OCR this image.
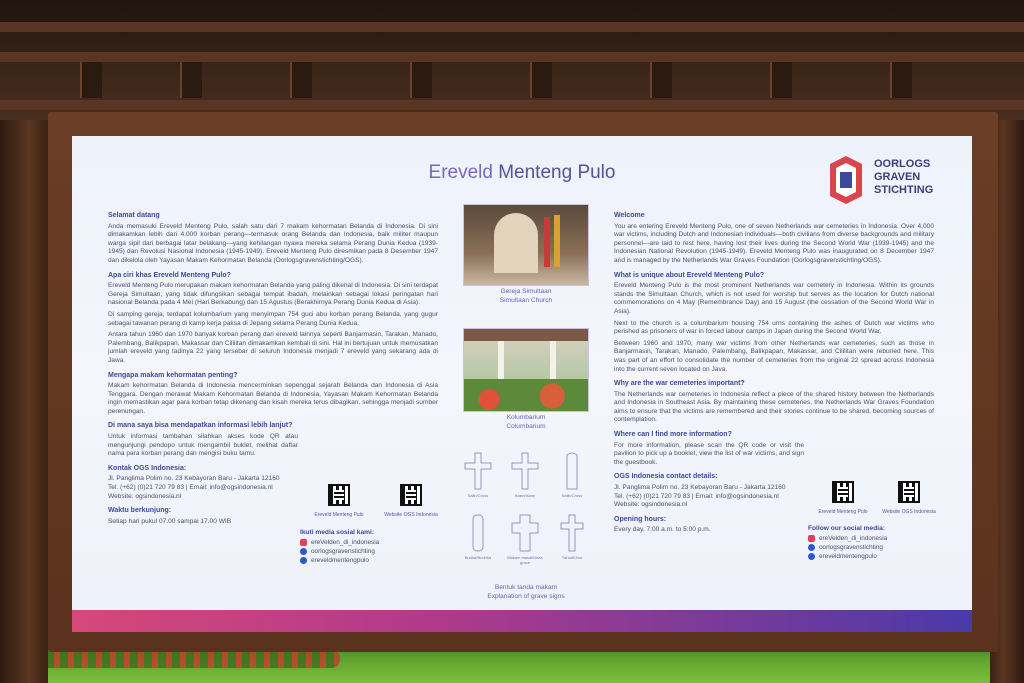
Ereveld Menteng Pulo	OORLOGS
GRAVEN
STICHTING
Selamat datang

Anda memasuki Ereveld Menteng Pulo, salah satu dari 7 makam kehormatan Belanda di Indonesia. Di sini dimakamkan lebih dari 4.000 korban perang—termasuk orang Belanda dan Indonesia, baik militer maupun warga sipil dari berbagai latar belakang—yang kehilangan nyawa mereka selama Perang Dunia Kedua (1939-1945) dan Revolusi Nasional Indonesia (1945-1949). Ereveld Menteng Pulo diresmikan pada 8 Desember 1947 dan dikelola oleh Yayasan Makam Kehormatan Belanda (Oorlogsgravenstichting/OGS).

Apa ciri khas Ereveld Menteng Pulo?

Ereveld Menteng Pulo merupakan makam kehormatan Belanda yang paling dikenal di Indonesia. Di sini terdapat Gereja Simultaan, yang tidak difungsikan sebagai tempat ibadah, melainkan sebagai lokasi peringatan hari nasional Belanda pada 4 Mei (Hari Berkabung) dan 15 Agustus (Berakhirnya Perang Dunia Kedua di Asia).

Di samping gereja, terdapat kolumbarium yang menyimpan 754 guci abu korban perang Belanda, yang gugur sebagai tawanan perang di kamp kerja paksa di Jepang selama Perang Dunia Kedua.

Antara tahun 1960 dan 1970 banyak korban perang dari ereveld lainnya seperti Banjarmasin, Tarakan, Manado, Palembang, Balikpapan, Makassar dan Cililitan dimakamkan kembali di sini. Hal ini bertujuan untuk memusatkan jumlah ereveld yang tadinya 22 yang tersebar di seluruh Indonesia menjadi 7 ereveld yang sekarang ada di Jawa.

Mengapa makam kehormatan penting?

Makam kehormatan Belanda di Indonesia mencerminkan sepenggal sejarah Belanda dan Indonesia di Asia Tenggara. Dengan merawat Makam Kehormatan Belanda di Indonesia, Yayasan Makam Kehormatan Belanda ingin memastikan agar para korban tetap dikenang dan kisah mereka terus dibagikan, sehingga menjadi sumber perenungan.

Di mana saya bisa mendapatkan informasi lebih lanjut?

Untuk informasi tambahan silahkan akses kode QR atau mengunjungi pendopo untuk mengambil buklet, melihat daftar nama para korban perang dan mengisi buku tamu.

Kontak OGS Indonesia:

Jl. Panglima Polim no. 23 Kebayoran Baru - Jakarta 12160

Tel. (+62) (0)21 720 79 83 | Email: info@ogsindonesia.nl

Website: ogsindonesia.nl

Waktu berkunjung:

Setiap hari pukul 07.00 sampai 17.00 WIB

Ereveld Menteng Pulo	Website OGS Indonesia
Ikuti media sosial kami:
ereVelden_di_indonesia
oorlogsgravenstichting
ereveldmentengpulo
Gereja Simultaan
Simultaan Church
Kolumbarium
Columbarium
Salib/Cross	Islam/Islam	Salib/Cross
Budha/Buddha	Makam masal/Mass grave
Yahudi/Jew
Bentuk tanda makam
Explanation of grave signs
Welcome

You are entering Ereveld Menteng Pulo, one of seven Netherlands war cemeteries in Indonesia. Over 4,000 war victims, including Dutch and Indonesian individuals—both civilians from diverse backgrounds and military personnel—are laid to rest here, having lost their lives during the Second World War (1939-1945) and the Indonesian National Revolution (1945-1949). Ereveld Menteng Pulo was inaugurated on 8 December 1947 and is managed by the Netherlands War Graves Foundation (Oorlogsgravenstichting/OGS).

What is unique about Ereveld Menteng Pulo?

Ereveld Menteng Pulo is the most prominent Netherlands war cemetery in Indonesia. Within its grounds stands the Simultaan Church, which is not used for worship but serves as the location for Dutch national commemorations on 4 May (Remembrance Day) and 15 August (the cessation of the Second World War in Asia).

Next to the church is a columbarium housing 754 urns containing the ashes of Dutch war victims who perished as prisoners of war in forced labour camps in Japan during the Second World War.

Between 1960 and 1970, many war victims from other Netherlands war cemeteries, such as those in Banjarmasin, Tarakan, Manado, Palembang, Balikpapan, Makassar, and Cililitan were reburied here. This was part of an effort to consolidate the number of cemeteries from the original 22 spread across Indonesia into the current seven located on Java.

Why are the war cemeteries important?

The Netherlands war cemeteries in Indonesia reflect a piece of the shared history between the Netherlands and Indonesia in Southeast Asia. By maintaining these cemeteries, the Netherlands War Graves Foundation aims to ensure that the victims are remembered and their stories continue to be shared, becoming sources of contemplation.

Where can I find more information?

For more information, please scan the QR code or visit the pavilion to pick up a booklet, view the list of war victims, and sign the guestbook.

OGS Indonesia contact details:

Jl. Panglima Polim no. 23 Kebayoran Baru - Jakarta 12160

Tel. (+62) (0)21 720 79 83 | Email: info@ogsindonesia.nl

Website: ogsindonesia.nl

Opening hours:

Every day, 7:00 a.m. to 5:00 p.m.

Ereveld Menteng Pulo	Website OGS Indonesia
Follow our social media:
ereVelden_di_indonesia
oorlogsgravenstichting
ereveldmentengpulo
